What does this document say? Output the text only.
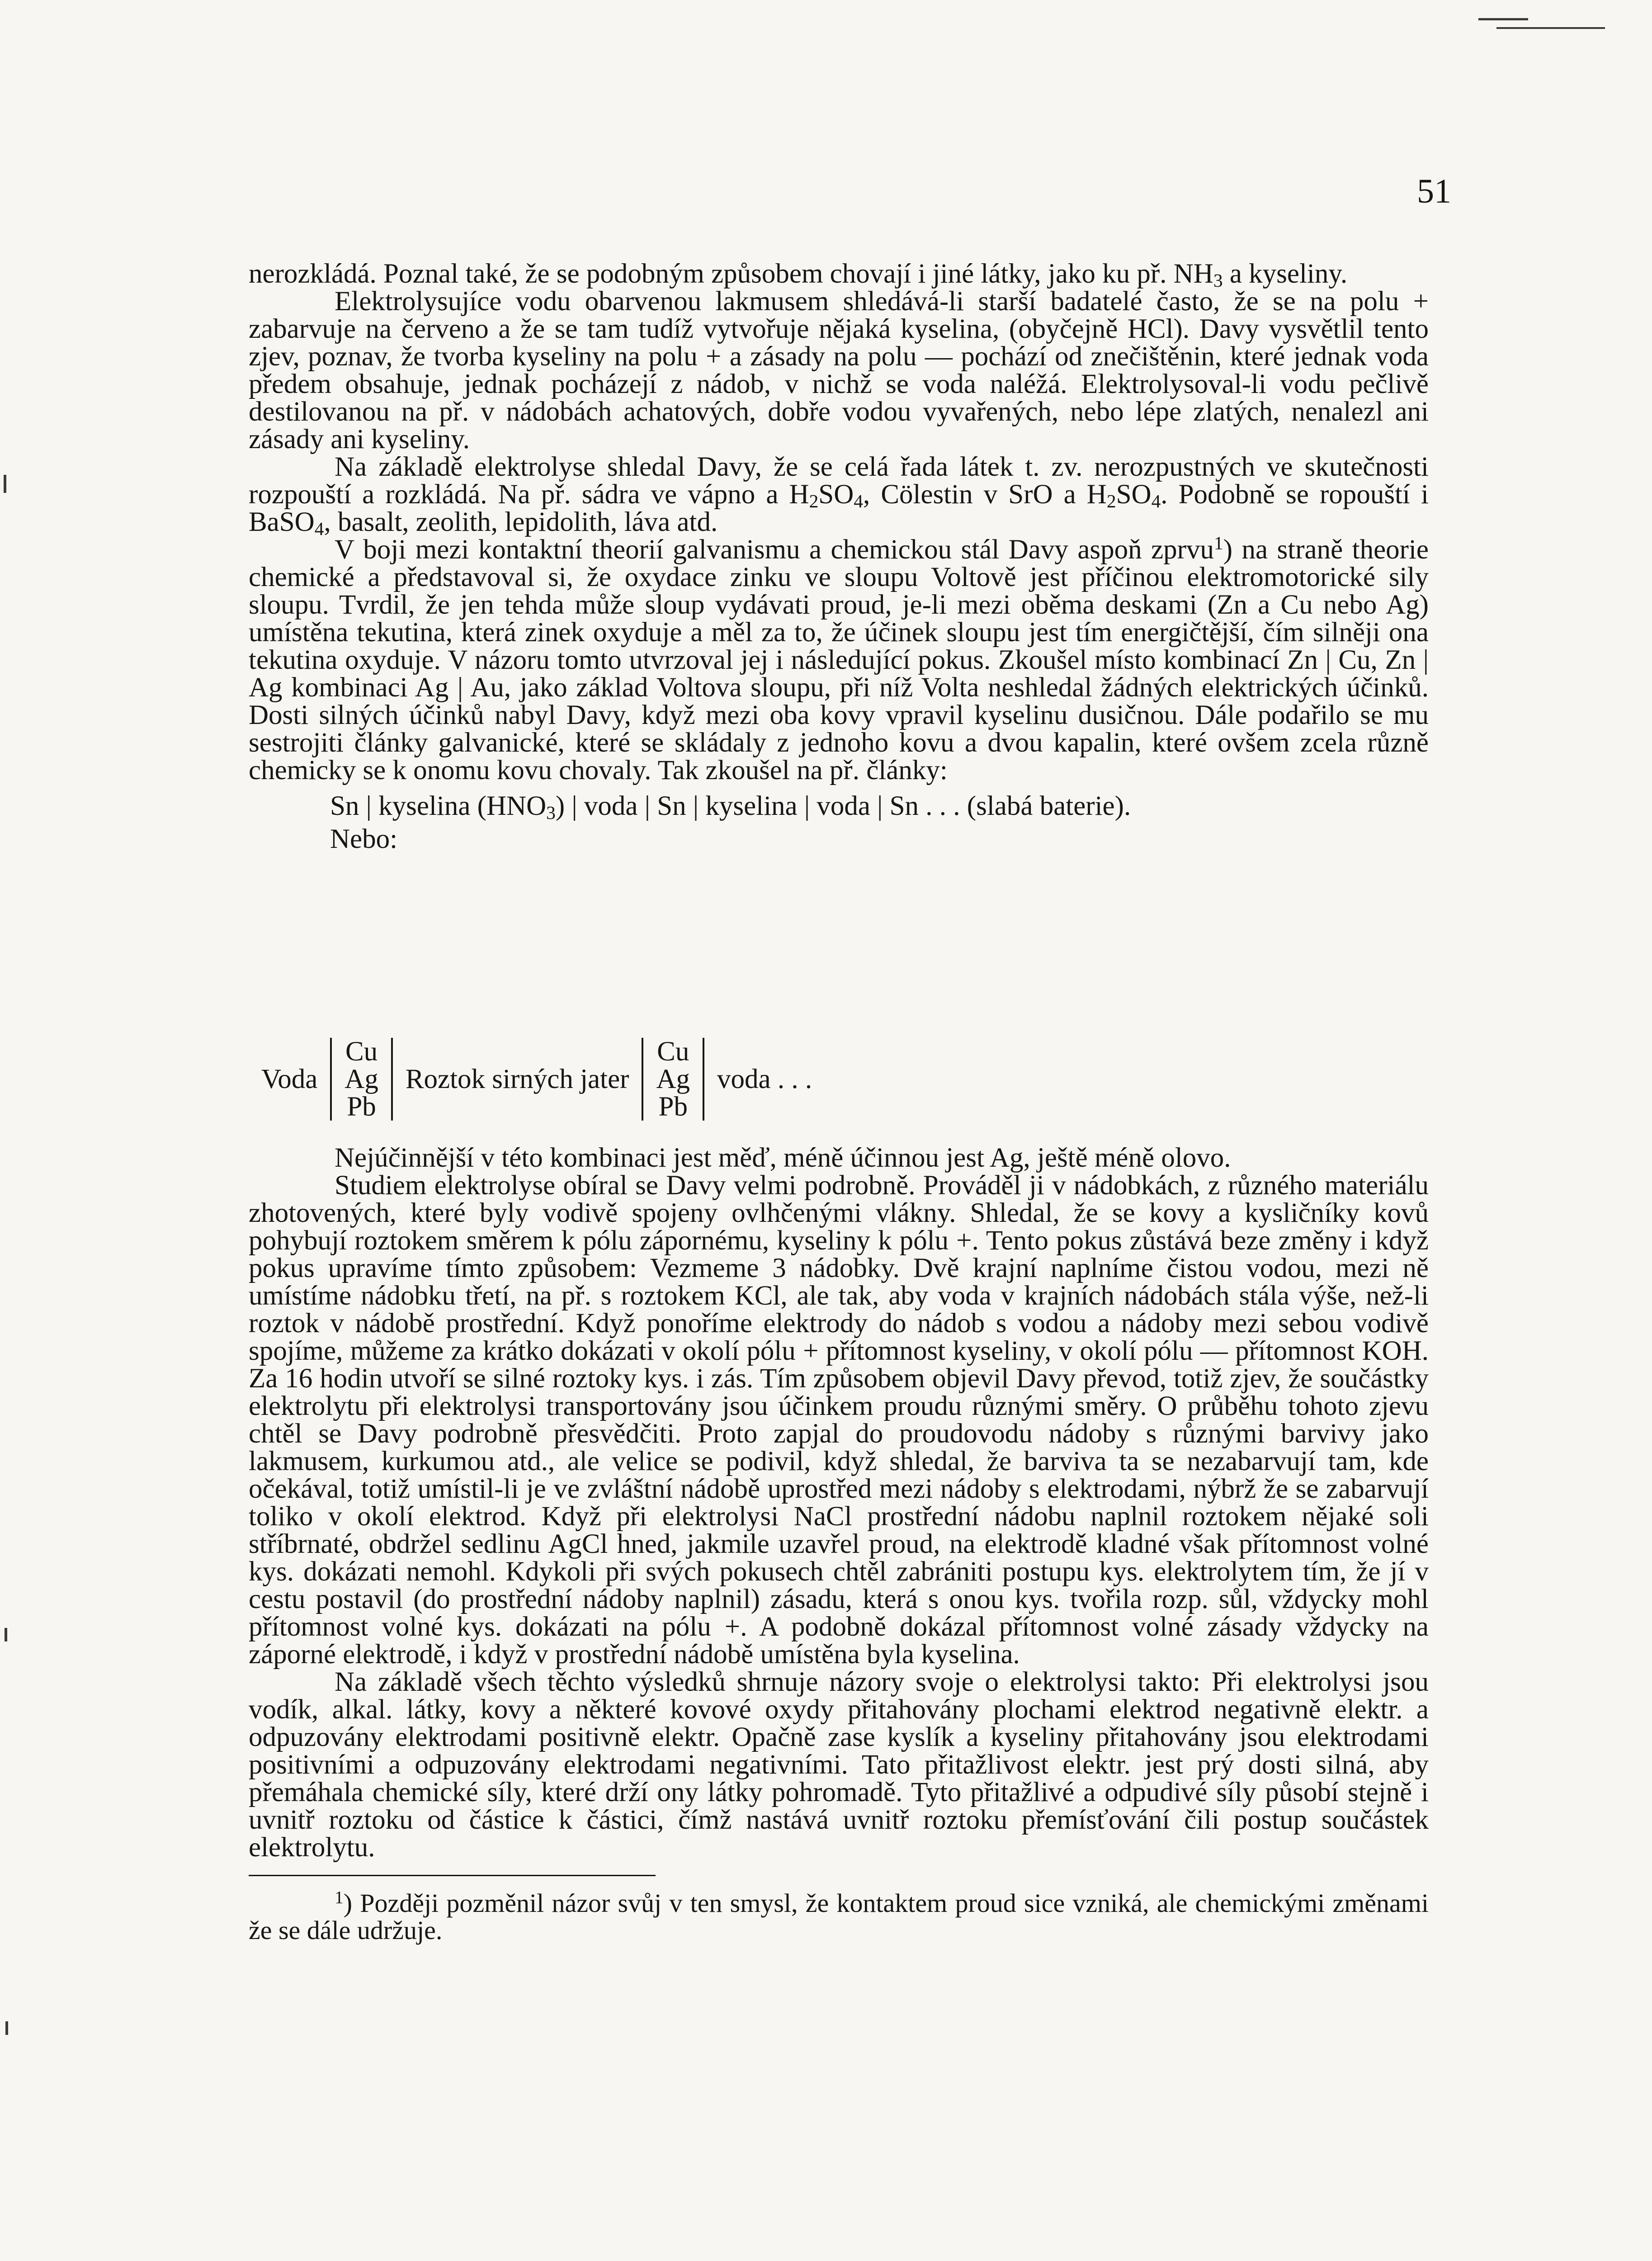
51

nerozkládá. Poznal také, že se podobným způsobem chovají i jiné látky, jako ku př. $NH_3$ a kyseliny.

Elektrolysujíce vodu obarvenou lakmusem shledává-li starší badatelé často, že se na polu + zabarvuje na červeno a že se tam tudíž vytvořuje nějaká kyselina, (obyčejně HCl). Davy vysvětlil tento zjev, poznav, že tvorba kyseliny na polu + a zásady na polu — pochází od znečištěnin, které jednak voda předem obsahuje, jednak pocházejí z nádob, v nichž se voda naléžá. Elektrolysoval-li vodu pečlivě destilovanou na př. v nádobách achatových, dobře vodou vyvařených, nebo lépe zlatých, nenalezl ani zásady ani kyseliny.

Na základě elektrolyse shledal Davy, že se celá řada látek t. zv. nerozpustných ve skutečnosti rozpouští a rozkládá. Na př. sádra ve vápno a $H_2SO_4$, Cölestin v SrO a $H_2SO_4$. Podobně se ropouští i BaSO$_4$, basalt, zeolith, lepidolith, láva atd.

V boji mezi kontaktní theorií galvanismu a chemickou stál Davy aspoň zprvu$^1$) na straně theorie chemické a představoval si, že oxydace zinku ve sloupu Voltově jest příčinou elektromotorické sily sloupu. Tvrdil, že jen tehda může sloup vydávati proud, je-li mezi oběma deskami (Zn a Cu nebo Ag) umístěna tekutina, která zinek oxyduje a měl za to, že účinek sloupu jest tím energičtější, čím silněji ona tekutina oxyduje. V názoru tomto utvrzoval jej i následující pokus. Zkoušel místo kombinací Zn | Cu, Zn | Ag kombinaci Ag | Au, jako základ Voltova sloupu, při níž Volta neshledal žádných elektrických účinků. Dosti silných účinků nabyl Davy, když mezi oba kovy vpravil kyselinu dusičnou. Dále podařilo se mu sestrojiti články galvanické, které se skládaly z jednoho kovu a dvou kapalin, které ovšem zcela různě chemicky se k onomu kovu chovaly. Tak zkoušel na př. články:

Sn | kyselina $(HNO_3)$ | voda | Sn | kyselina | voda | Sn . . . (slabá baterie).

Nebo:

Voda	Cu	Roztok sirných jater	Cu	voda . . .
	Ag		Ag	
	Pb		Pb	

Nejúčinnější v této kombinaci jest měď, méně účinnou jest Ag, ještě méně olovo.

Studiem elektrolyse obíral se Davy velmi podrobně. Prováděl ji v nádobkách, z různého materiálu zhotovených, které byly vodivě spojeny ovlhčenými vlákny. Shledal, že se kovy a kysličníky kovů pohybují roztokem směrem k pólu zápornému, kyseliny k pólu +. Tento pokus zůstává beze změny i když pokus upravíme tímto způsobem: Vezmeme 3 nádobky. Dvě krajní naplníme čistou vodou, mezi ně umístíme nádobku třetí, na př. s roztokem KCl, ale tak, aby voda v krajních nádobách stála výše, než-li roztok v nádobě prostřední. Když ponoříme elektrody do nádob s vodou a nádoby mezi sebou vodivě spojíme, můžeme za krátko dokázati v okolí pólu + přítomnost kyseliny, v okolí pólu — přítomnost KOH. Za 16 hodin utvoří se silné roztoky kys. i zás. Tím způsobem objevil Davy převod, totiž zjev, že součástky elektrolytu při elektrolysi transportovány jsou účinkem proudu různými směry. O průběhu tohoto zjevu chtěl se Davy podrobně přesvědčiti. Proto zapjal do proudovodu nádoby s různými barvivy jako lakmusem, kurkumou atd., ale velice se podivil, když shledal, že barviva ta se nezabarvují tam, kde očekával, totiž umístil-li je ve zvláštní nádobě uprostřed mezi nádoby s elektrodami, nýbrž že se zabarvují toliko v okolí elektrod. Když při elektrolysi NaCl prostřední nádobu naplnil roztokem nějaké soli stříbrnaté, obdržel sedlinu AgCl hned, jakmile uzavřel proud, na elektrodě kladné však přítomnost volné kys. dokázati nemohl. Kdykoli při svých pokusech chtěl zabrániti postupu kys. elektrolytem tím, že jí v cestu postavil (do prostřední nádoby naplnil) zásadu, která s onou kys. tvořila rozp. sůl, vždycky mohl přítomnost volné kys. dokázati na pólu +. A podobně dokázal přítomnost volné zásady vždycky na záporné elektrodě, i když v prostřední nádobě umístěna byla kyselina.

Na základě všech těchto výsledků shrnuje názory svoje o elektrolysi takto: Při elektrolysi jsou vodík, alkal. látky, kovy a některé kovové oxydy přitahovány plochami elektrod negativně elektr. a odpuzovány elektrodami positivně elektr. Opačně zase kyslík a kyseliny přitahovány jsou elektrodami positivními a odpuzovány elektrodami negativními. Tato přitažlivost elektr. jest prý dosti silná, aby přemáhala chemické síly, které drží ony látky pohromadě. Tyto přitažlivé a odpudivé síly působí stejně i uvnitř roztoku od částice k částici, čímž nastává uvnitř roztoku přemísťování čili postup součástek elektrolytu.

$^1$) Později pozměnil názor svůj v ten smysl, že kontaktem proud sice vzniká, ale chemickými změnami že se dále udržuje.
